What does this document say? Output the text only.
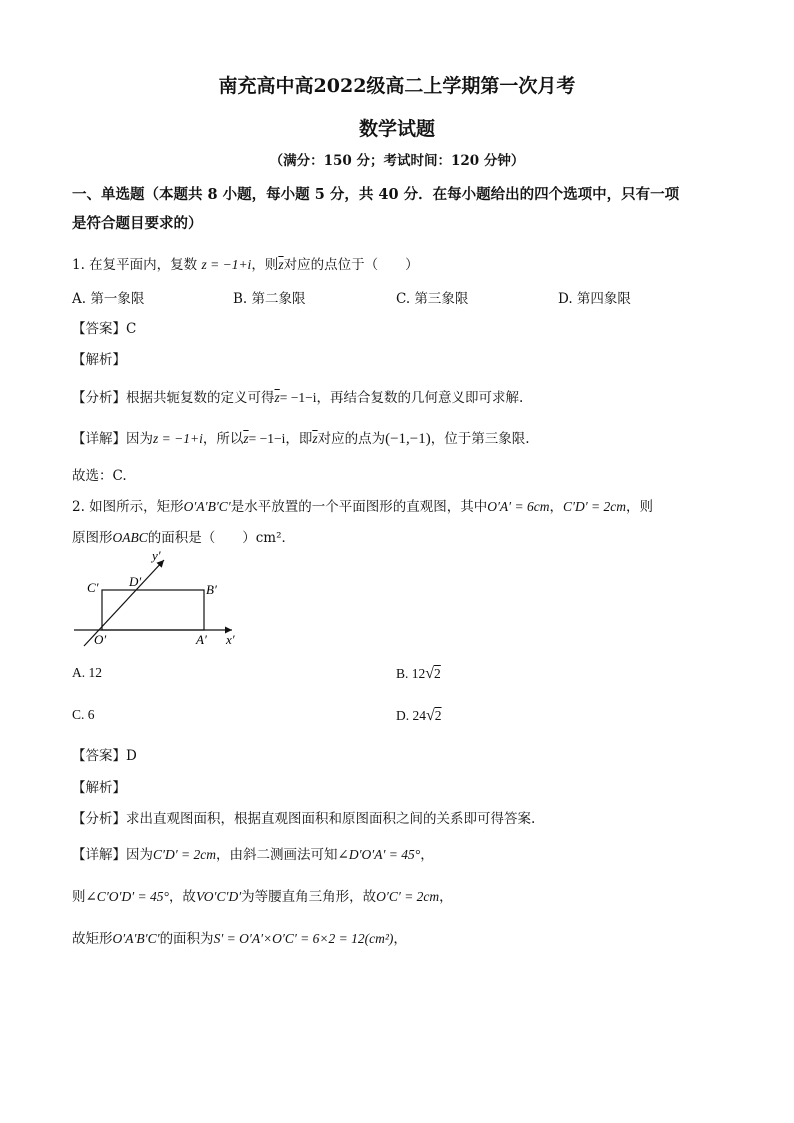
南充高中高2022级高二上学期第一次月考
数学试题
（满分：150 分；考试时间：120 分钟）
一、单选题（本题共 8 小题，每小题 5 分，共 40 分．在每小题给出的四个选项中，只有一项
是符合题目要求的）
1. 在复平面内，复数 z = −1+i，则$\overline{z}$对应的点位于（　　）
A. 第一象限	B. 第二象限	C. 第三象限	D. 第四象限
【答案】C
【解析】
【分析】根据共轭复数的定义可得$\overline{z}= -1-i$，再结合复数的几何意义即可求解.
【详解】因为z = −1+i，所以$\overline{z}= -1-i$，即$\overline{z}$对应的点为(−1,−1)，位于第三象限.
故选：C.
2. 如图所示，矩形O′A′B′C′是水平放置的一个平面图形的直观图，其中O′A′ = 6cm，C′D′ = 2cm，则
原图形OABC的面积是（　　）cm²．
y′
x′
C′ D′
B′
O′	A′
A. 12	B. 12√2
C. 6	D. 24√2
【答案】D
【解析】
【分析】求出直观图面积，根据直观图面积和原图面积之间的关系即可得答案.
【详解】因为C′D′ = 2cm，由斜二测画法可知∠D′O′A′ = 45°，
则∠C′O′D′ = 45°，故VO′C′D′为等腰直角三角形，故O′C′ = 2cm，
故矩形O′A′B′C′的面积为S′ = O′A′×O′C′ = 6×2 = 12(cm²)，
